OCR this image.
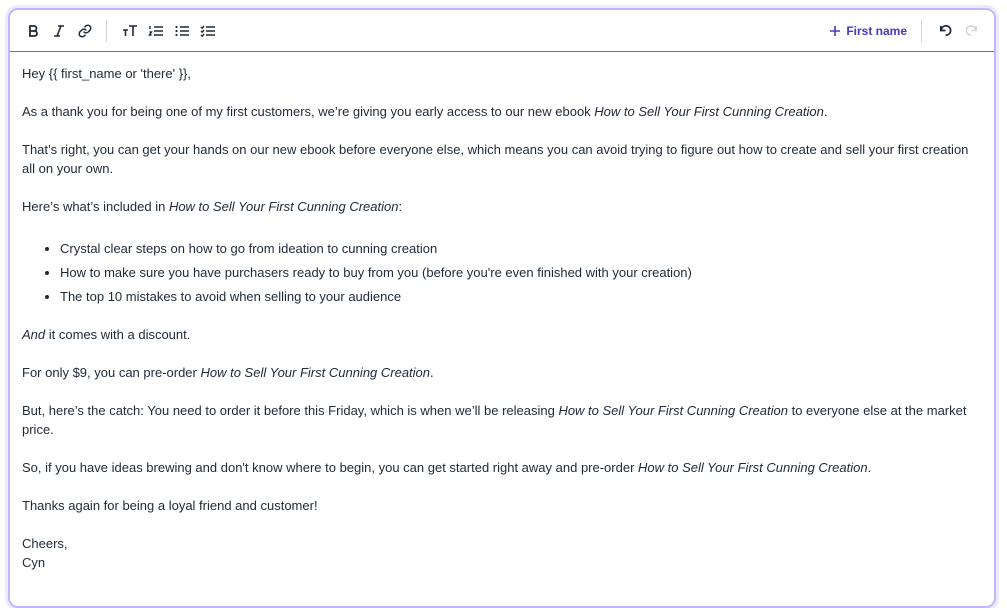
First name

Hey {{ first_name or 'there' }},

As a thank you for being one of my first customers, we’re giving you early access to our new ebook How to Sell Your First Cunning Creation.

That’s right, you can get your hands on our new ebook before everyone else, which means you can avoid trying to figure out how to create and sell your first creation all on your own.

Here’s what’s included in How to Sell Your First Cunning Creation:

• Crystal clear steps on how to go from ideation to cunning creation
• How to make sure you have purchasers ready to buy from you (before you're even finished with your creation)
• The top 10 mistakes to avoid when selling to your audience

And it comes with a discount.

For only $9, you can pre-order How to Sell Your First Cunning Creation.

But, here’s the catch: You need to order it before this Friday, which is when we’ll be releasing How to Sell Your First Cunning Creation to everyone else at the market price.

So, if you have ideas brewing and don't know where to begin, you can get started right away and pre-order How to Sell Your First Cunning Creation.

Thanks again for being a loyal friend and customer!

Cheers,
Cyn
